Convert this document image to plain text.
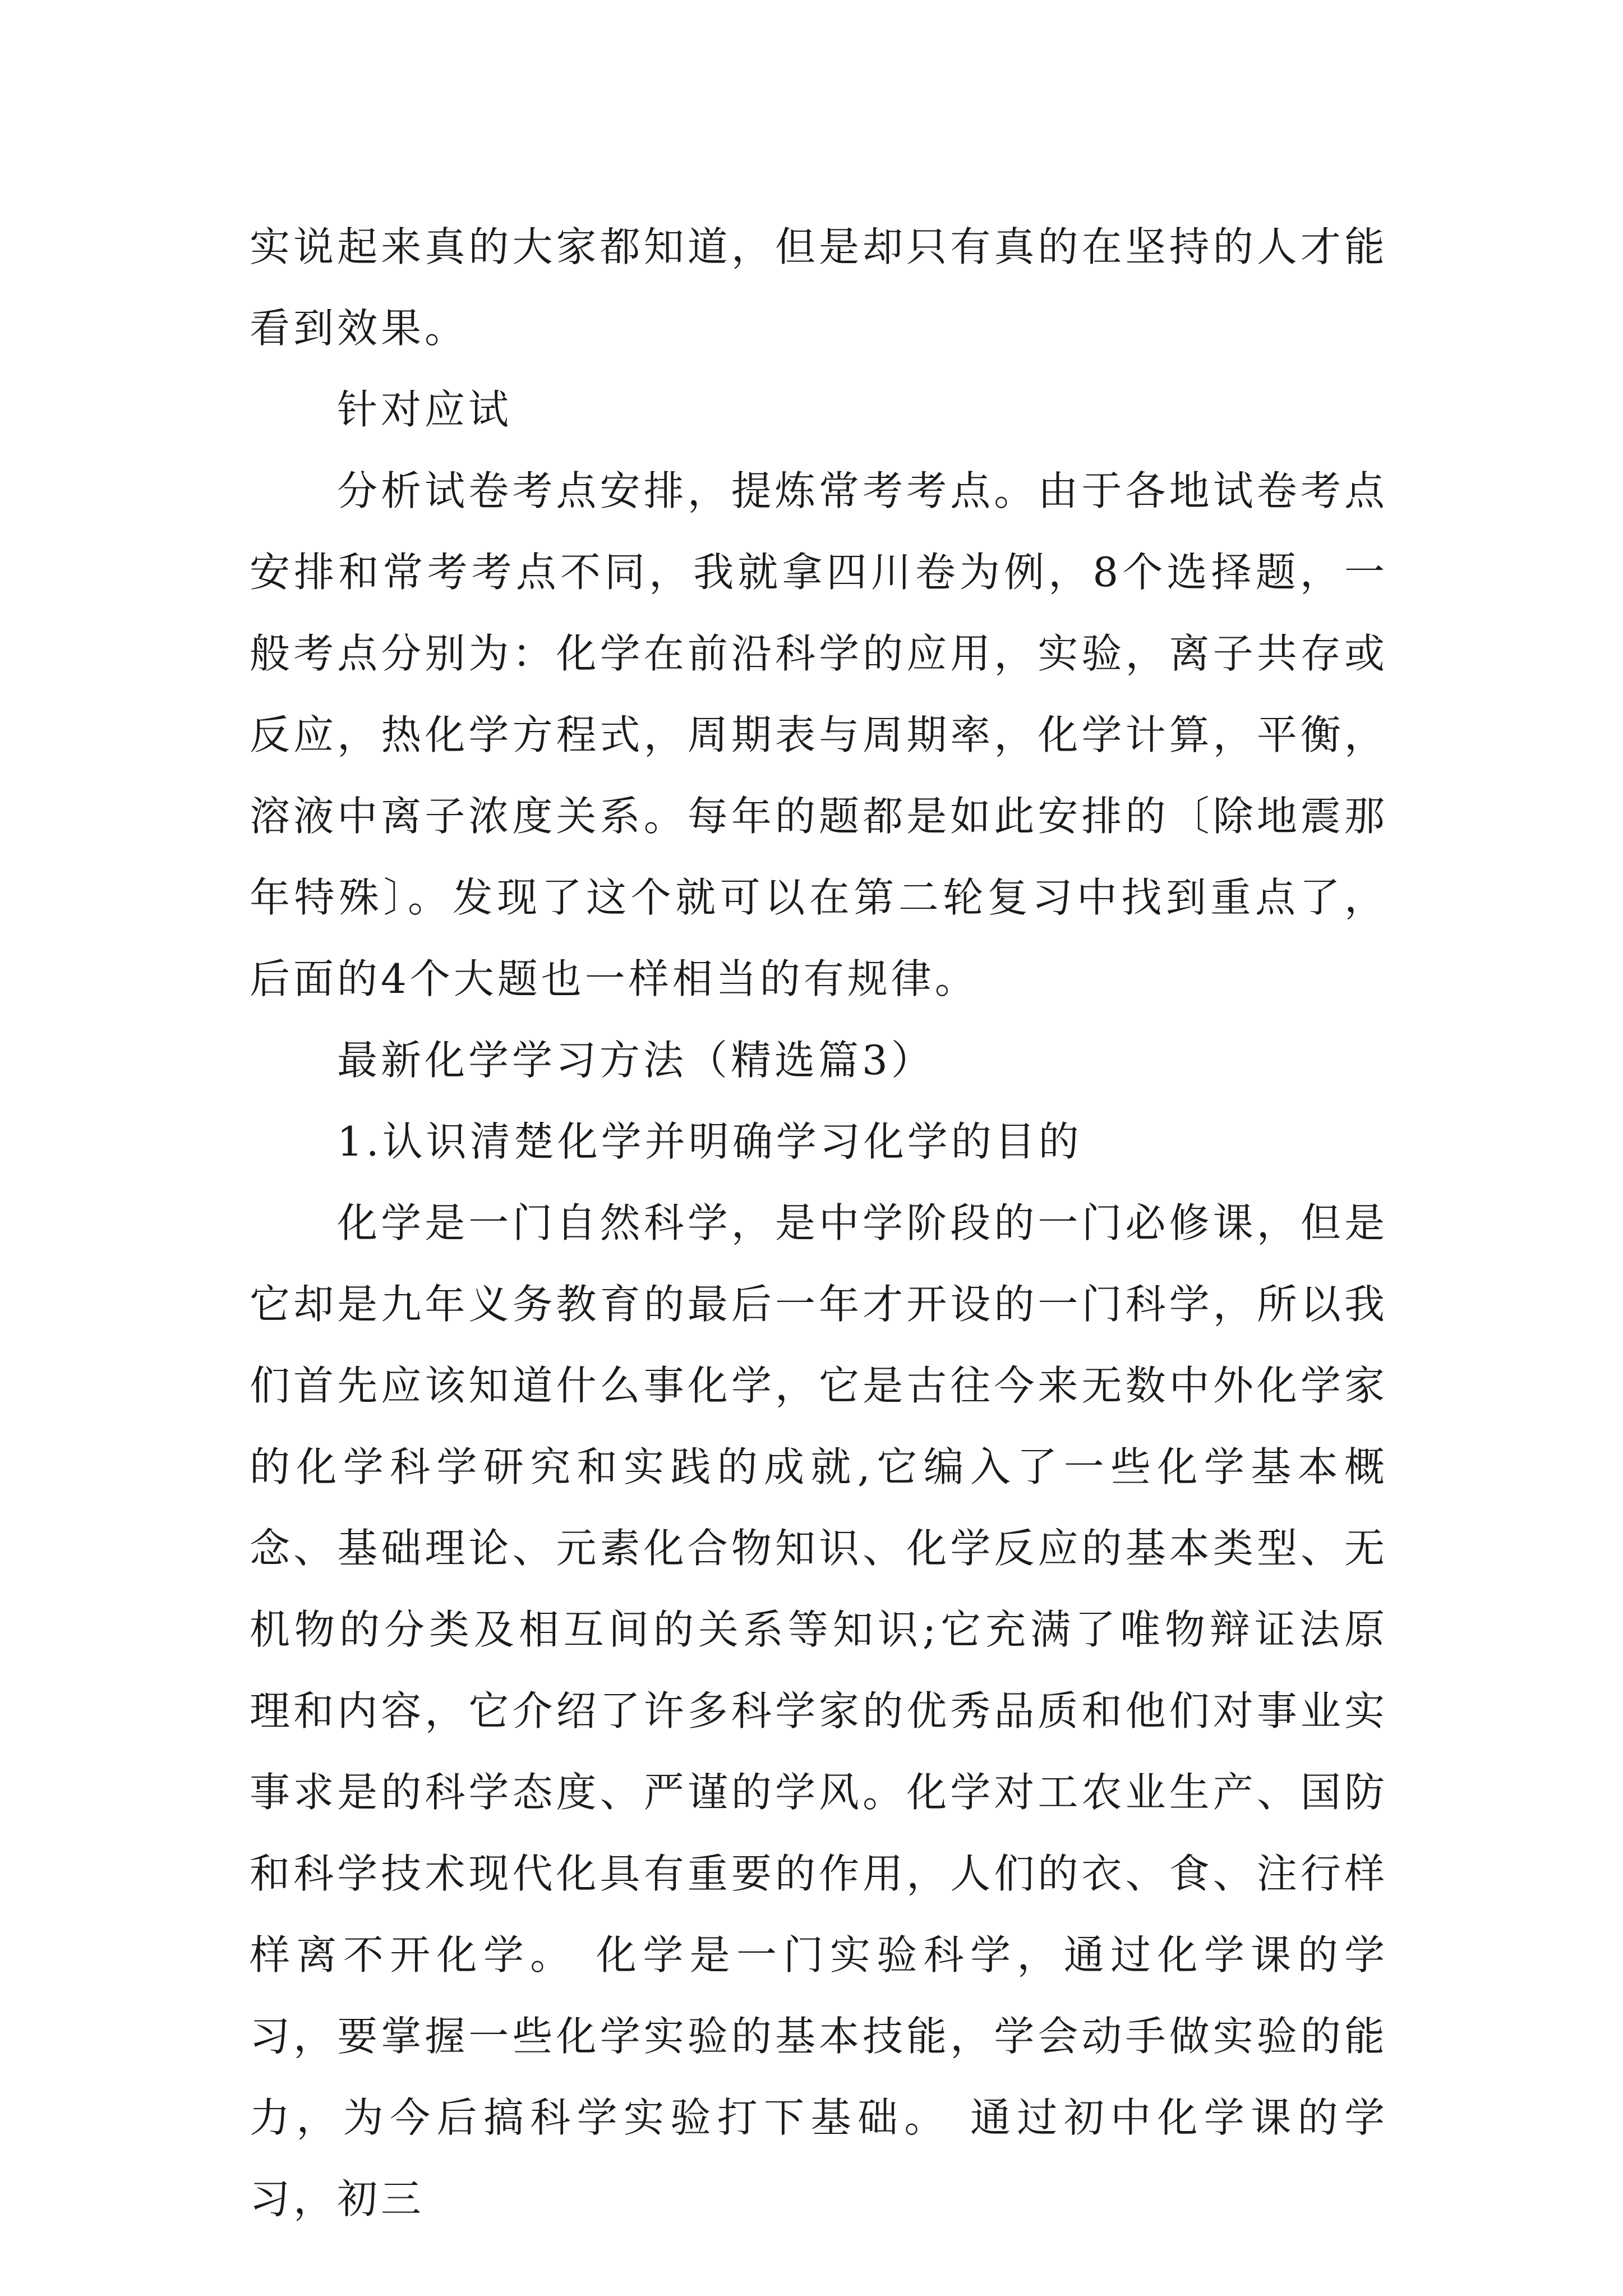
实说起来真的大家都知道，但是却只有真的在坚持的人才能看到效果。

针对应试

分析试卷考点安排，提炼常考考点。由于各地试卷考点安排和常考考点不同，我就拿四川卷为例，8个选择题，一般考点分别为：化学在前沿科学的应用，实验，离子共存或反应，热化学方程式，周期表与周期率，化学计算，平衡，溶液中离子浓度关系。每年的题都是如此安排的〔除地震那年特殊〕。发现了这个就可以在第二轮复习中找到重点了，后面的4个大题也一样相当的有规律。

最新化学学习方法（精选篇3）

1.认识清楚化学并明确学习化学的目的

化学是一门自然科学，是中学阶段的一门必修课，但是它却是九年义务教育的最后一年才开设的一门科学，所以我们首先应该知道什么事化学，它是古往今来无数中外化学家的化学科学研究和实践的成就,它编入了一些化学基本概念、基础理论、元素化合物知识、化学反应的基本类型、无机物的分类及相互间的关系等知识;它充满了唯物辩证法原理和内容，它介绍了许多科学家的优秀品质和他们对事业实事求是的科学态度、严谨的学风。化学对工农业生产、国防和科学技术现代化具有重要的作用，人们的衣、食、注行样样离不开化学。 化学是一门实验科学，通过化学课的学习，要掌握一些化学实验的基本技能，学会动手做实验的能力，为今后搞科学实验打下基础。 通过初中化学课的学习，初三
